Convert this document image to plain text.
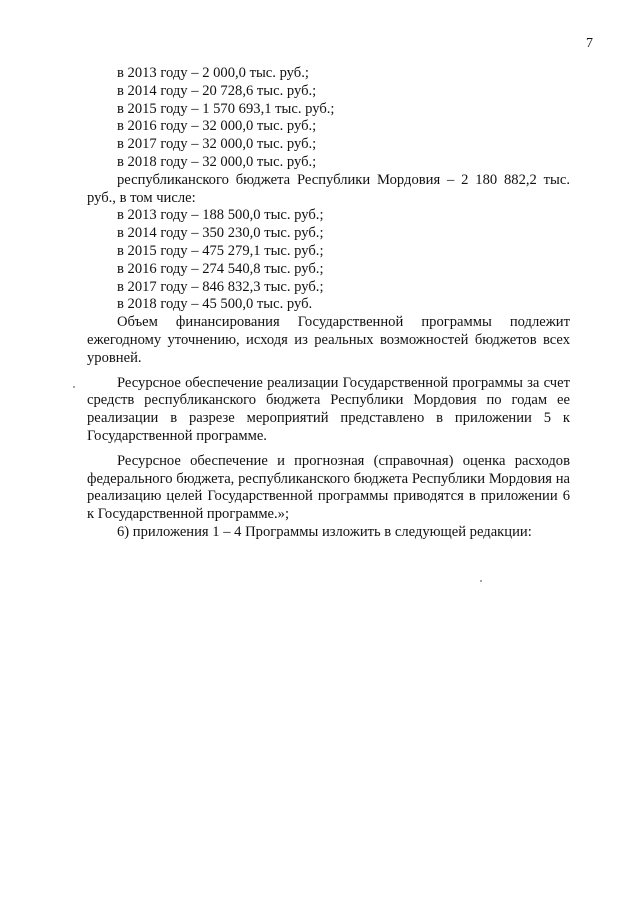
7
в 2013 году – 2 000,0 тыс. руб.;
в 2014 году – 20 728,6 тыс. руб.;
в 2015 году – 1 570 693,1 тыс. руб.;
в 2016 году – 32 000,0 тыс. руб.;
в 2017 году – 32 000,0 тыс. руб.;
в 2018 году – 32 000,0 тыс. руб.;
республиканского бюджета Республики Мордовия – 2 180 882,2 тыс. руб., в том числе:
в 2013 году – 188 500,0 тыс. руб.;
в 2014 году – 350 230,0 тыс. руб.;
в 2015 году – 475 279,1 тыс. руб.;
в 2016 году – 274 540,8 тыс. руб.;
в 2017 году – 846 832,3 тыс. руб.;
в 2018 году – 45 500,0 тыс. руб.
Объем финансирования Государственной программы подлежит ежегодному уточнению, исходя из реальных возможностей бюджетов всех уровней.
Ресурсное обеспечение реализации Государственной программы за счет средств республиканского бюджета Республики Мордовия по годам ее реализации в разрезе мероприятий представлено в приложении 5 к Государственной программе.
Ресурсное обеспечение и прогнозная (справочная) оценка расходов федерального бюджета, республиканского бюджета Республики Мордовия на реализацию целей Государственной программы приводятся в приложении 6 к Государственной программе.»;
6) приложения 1 – 4 Программы изложить в следующей редакции:
